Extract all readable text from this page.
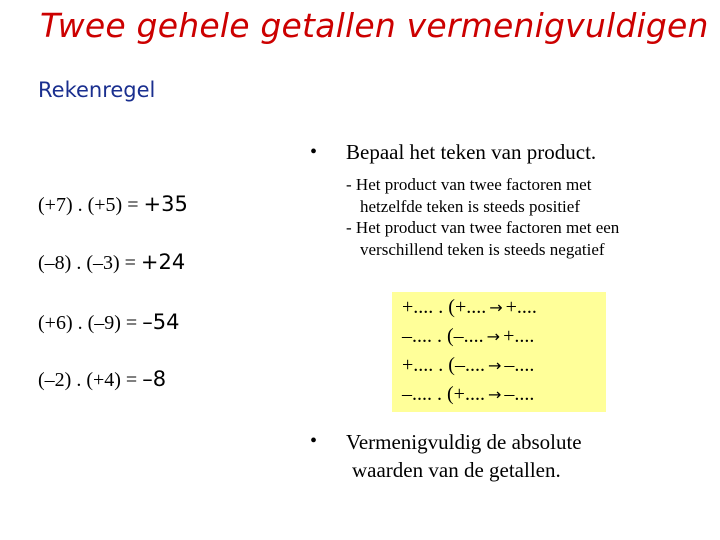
Twee gehele getallen vermenigvuldigen
Rekenregel
(+7) . (+5) = +35
(–8) . (–3) = +24
(+6) . (–9) = –54
(–2) . (+4) = –8
• Bepaal het teken van product.
- Het product van twee factoren met
hetzelfde teken is steeds positief
- Het product van twee factoren met een
verschillend teken is steeds negatief
+.... . (+.... → +....
–.... . (–.... → +....
+.... . (–.... → –....
–.... . (+.... → –....
• Vermenigvuldig de absolute
waarden van de getallen.
